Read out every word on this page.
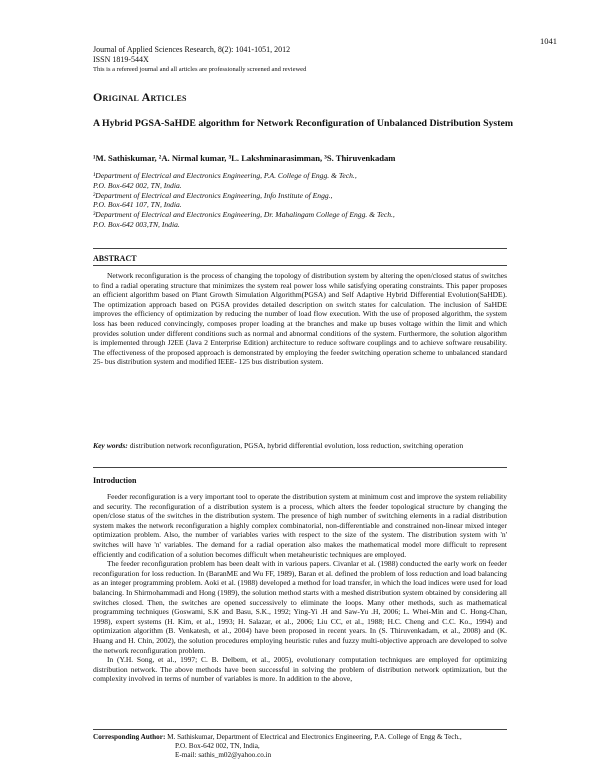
1041
Journal of Applied Sciences Research, 8(2): 1041-1051, 2012
ISSN 1819-544X
This is a refereed journal and all articles are professionally screened and reviewed
Original Articles
A Hybrid PGSA-SaHDE algorithm for Network Reconfiguration of Unbalanced Distribution System
¹M. Sathiskumar, ²A. Nirmal kumar, ³L. Lakshminarasimman, ³S. Thiruvenkadam
¹Department of Electrical and Electronics Engineering, P.A. College of Engg. & Tech.,
P.O. Box-642 002, TN, India.
²Department of Electrical and Electronics Engineering, Info Institute of Engg.,
P.O. Box-641 107, TN, India.
³Department of Electrical and Electronics Engineering, Dr. Mahalingam College of Engg. & Tech.,
P.O. Box-642 003,TN, India.
ABSTRACT

Network reconfiguration is the process of changing the topology of distribution system by altering the open/closed status of switches to find a radial operating structure that minimizes the system real power loss while satisfying operating constraints. This paper proposes an efficient algorithm based on Plant Growth Simulation Algorithm(PGSA) and Self Adaptive Hybrid Differential Evolution(SaHDE). The optimization approach based on PGSA provides detailed description on switch states for calculation. The inclusion of SaHDE improves the efficiency of optimization by reducing the number of load flow execution. With the use of proposed algorithm, the system loss has been reduced convincingly, composes proper loading at the branches and make up buses voltage within the limit and which provides solution under different conditions such as normal and abnormal conditions of the system. Furthermore, the solution algorithm is implemented through J2EE (Java 2 Enterprise Edition) architecture to reduce software couplings and to achieve software reusability. The effectiveness of the proposed approach is demonstrated by employing the feeder switching operation scheme to unbalanced standard 25- bus distribution system and modified IEEE- 125 bus distribution system.

Key words: distribution network reconfiguration, PGSA, hybrid differential evolution, loss reduction, switching operation
Introduction

Feeder reconfiguration is a very important tool to operate the distribution system at minimum cost and improve the system reliability and security. The reconfiguration of a distribution system is a process, which alters the feeder topological structure by changing the open/close status of the switches in the distribution system. The presence of high number of switching elements in a radial distribution system makes the network reconfiguration a highly complex combinatorial, non-differentiable and constrained non-linear mixed integer optimization problem. Also, the number of variables varies with respect to the size of the system. The distribution system with 'n' switches will have 'n' variables. The demand for a radial operation also makes the mathematical model more difficult to represent efficiently and codification of a solution becomes difficult when metaheuristic techniques are employed.

The feeder reconfiguration problem has been dealt with in various papers. Civanlar et al. (1988) conducted the early work on feeder reconfiguration for loss reduction. In (BaranME and Wu FF, 1989), Baran et al. defined the problem of loss reduction and load balancing as an integer programming problem. Aoki et al. (1988) developed a method for load transfer, in which the load indices were used for load balancing. In Shirmohammadi and Hong (1989), the solution method starts with a meshed distribution system obtained by considering all switches closed. Then, the switches are opened successively to eliminate the loops. Many other methods, such as mathematical programming techniques (Goswami, S.K and Basu, S.K., 1992; Ying-Yi .H and Saw-Yu .H, 2006; L. Whei-Min and C. Hong-Chan, 1998), expert systems (H. Kim, et al., 1993; H. Salazar, et al., 2006; Liu CC, et al., 1988; H.C. Cheng and C.C. Ko., 1994) and optimization algorithm (B. Venkatesh, et al., 2004) have been proposed in recent years. In (S. Thiruvenkadam, et al., 2008) and (K. Huang and H. Chin, 2002), the solution procedures employing heuristic rules and fuzzy multi-objective approach are developed to solve the network reconfiguration problem.

In (Y.H. Song, et al., 1997; C. B. Delbem, et al., 2005), evolutionary computation techniques are employed for optimizing distribution network. The above methods have been successful in solving the problem of distribution network optimization, but the complexity involved in terms of number of variables is more. In addition to the above,

Corresponding Author: M. Sathiskumar, Department of Electrical and Electronics Engineering, P.A. College of Engg & Tech.,
P.O. Box-642 002, TN, India,
E-mail: sathis_m02@yahoo.co.in
